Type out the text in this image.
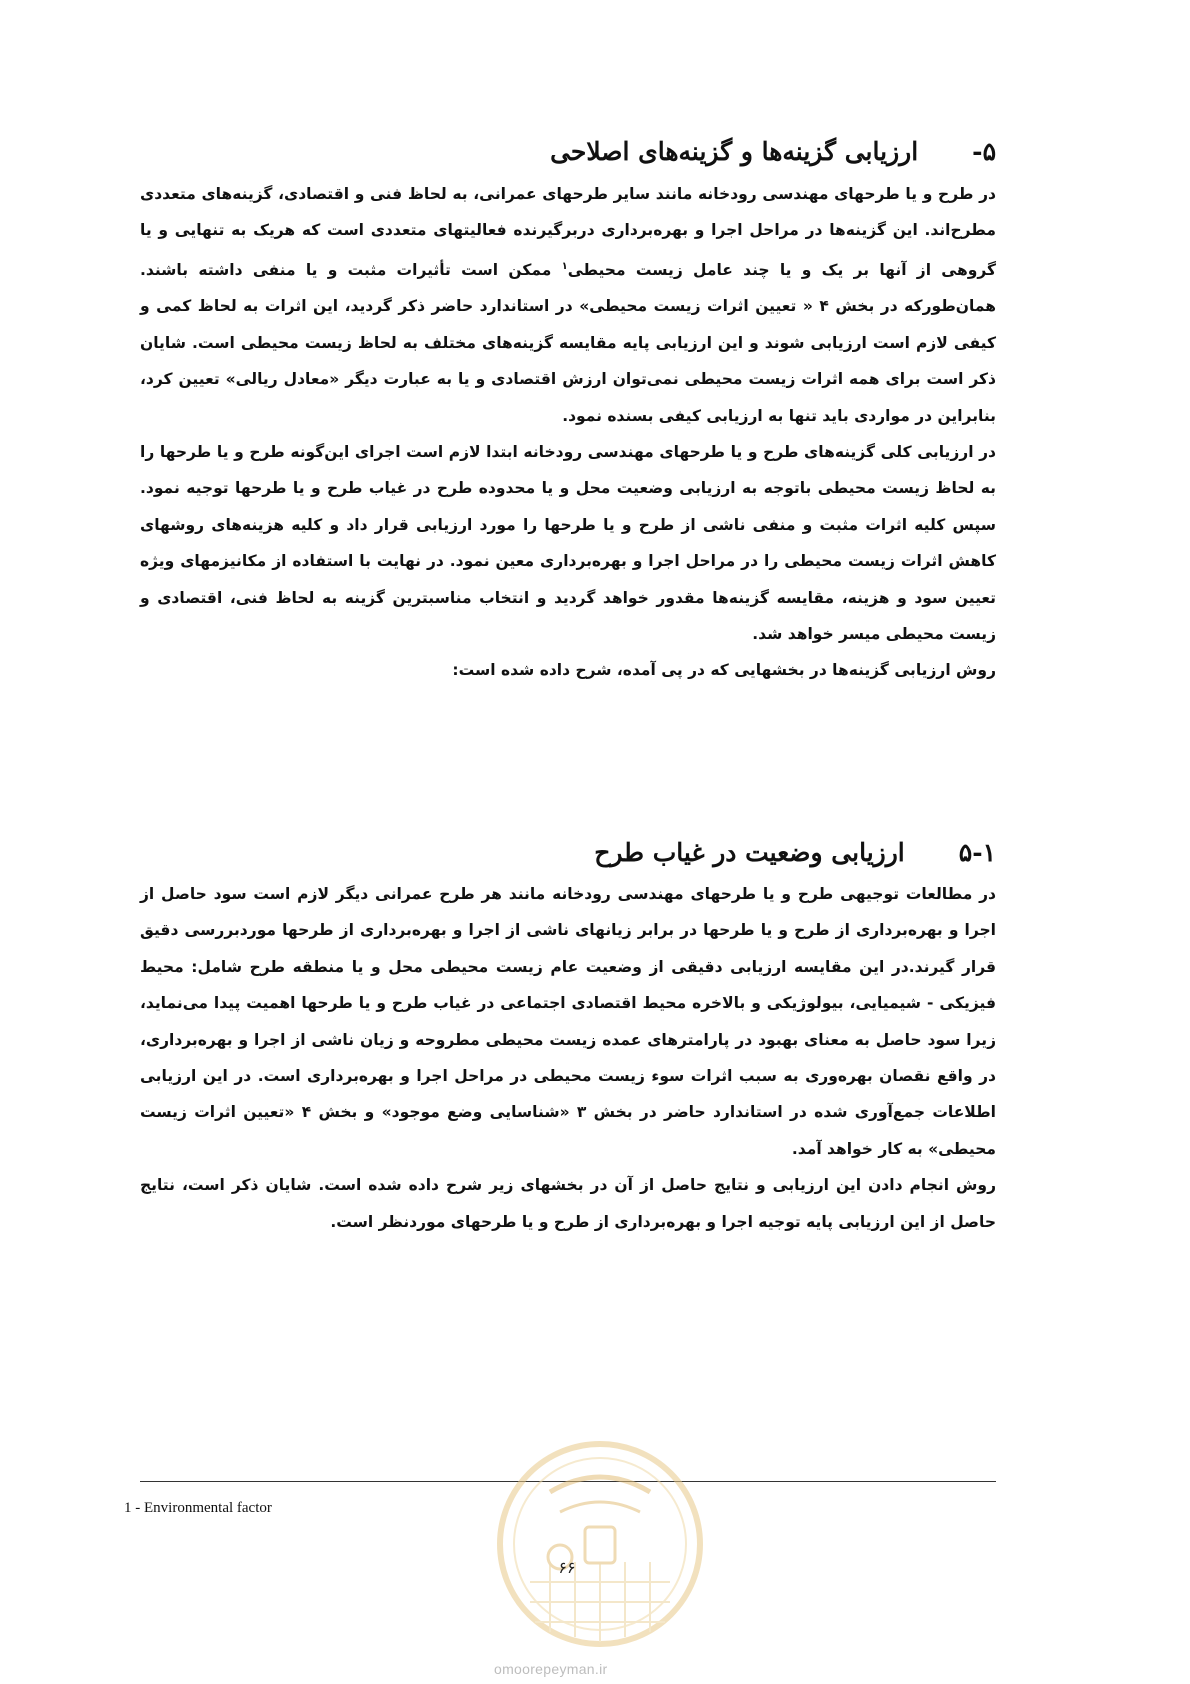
۵-ارزیابی گزینه‌ها و گزینه‌های اصلاحی

در طرح و یا طرحهای مهندسی رودخانه مانند سایر طرحهای عمرانی، به لحاظ فنی و اقتصادی، گزینه‌های متعددی مطرح‌اند. این گزینه‌ها در مراحل اجرا و بهره‌برداری دربرگیرنده فعالیتهای متعددی است که هریک به تنهایی و یا گروهی از آنها بر یک و یا چند عامل زیست محیطی$^۱$ ممکن است تأثیرات مثبت و یا منفی داشته باشند. همان‌طورکه در بخش ۴ « تعیین اثرات زیست محیطی» در استاندارد حاضر ذکر گردید، این اثرات به لحاظ کمی و کیفی لازم است ارزیابی شوند و این ارزیابی پایه مقایسه گزینه‌های مختلف به لحاظ زیست محیطی است. شایان ذکر است برای همه اثرات زیست محیطی نمی‌توان ارزش اقتصادی و یا به عبارت دیگر «معادل ریالی» تعیین کرد، بنابراین در مواردی باید تنها به ارزیابی کیفی بسنده نمود.

در ارزیابی کلی گزینه‌های طرح و یا طرحهای مهندسی رودخانه ابتدا لازم است اجرای این‌گونه طرح و یا طرحها را به لحاظ زیست محیطی باتوجه به ارزیابی وضعیت محل و یا محدوده طرح در غیاب طرح و یا طرحها توجیه نمود. سپس کلیه اثرات مثبت و منفی ناشی از طرح و یا طرحها را مورد ارزیابی قرار داد و کلیه هزینه‌های روشهای کاهش اثرات زیست محیطی را در مراحل اجرا و بهره‌برداری معین نمود. در نهایت با استفاده از مکانیزمهای ویژه تعیین سود و هزینه، مقایسه گزینه‌ها مقدور خواهد گردید و انتخاب مناسبترین گزینه به لحاظ فنی، اقتصادی و زیست محیطی میسر خواهد شد.

روش ارزیابی گزینه‌ها در بخشهایی که در پی آمده، شرح داده شده است:

۵-۱ارزیابی وضعیت در غیاب طرح

در مطالعات توجیهی طرح و یا طرحهای مهندسی رودخانه مانند هر طرح عمرانی دیگر لازم است سود حاصل از اجرا و بهره‌برداری از طرح و یا طرحها در برابر زیانهای ناشی از اجرا و بهره‌برداری از طرحها موردبررسی دقیق قرار گیرند.در این مقایسه ارزیابی دقیقی از وضعیت عام زیست محیطی محل و یا منطقه طرح شامل: محیط فیزیکی - شیمیایی، بیولوژیکی و بالاخره محیط اقتصادی اجتماعی در غیاب طرح و یا طرحها اهمیت پیدا می‌نماید، زیرا سود حاصل به معنای بهبود در پارامترهای عمده زیست محیطی مطروحه و زیان ناشی از اجرا و بهره‌برداری، در واقع نقصان بهره‌وری به سبب اثرات سوء زیست محیطی در مراحل اجرا و بهره‌برداری است. در این ارزیابی اطلاعات جمع‌آوری شده در استاندارد حاضر در بخش ۳ «شناسایی وضع موجود» و بخش ۴ «تعیین اثرات زیست محیطی» به کار خواهد آمد.

روش انجام دادن این ارزیابی و نتایج حاصل از آن در بخشهای زیر شرح داده شده است. شایان ذکر است، نتایج حاصل از این ارزیابی پایه توجیه اجرا و بهره‌برداری از طرح و یا طرحهای موردنظر است.

1 - Environmental factor
۶۶
omoorepeyman.ir
